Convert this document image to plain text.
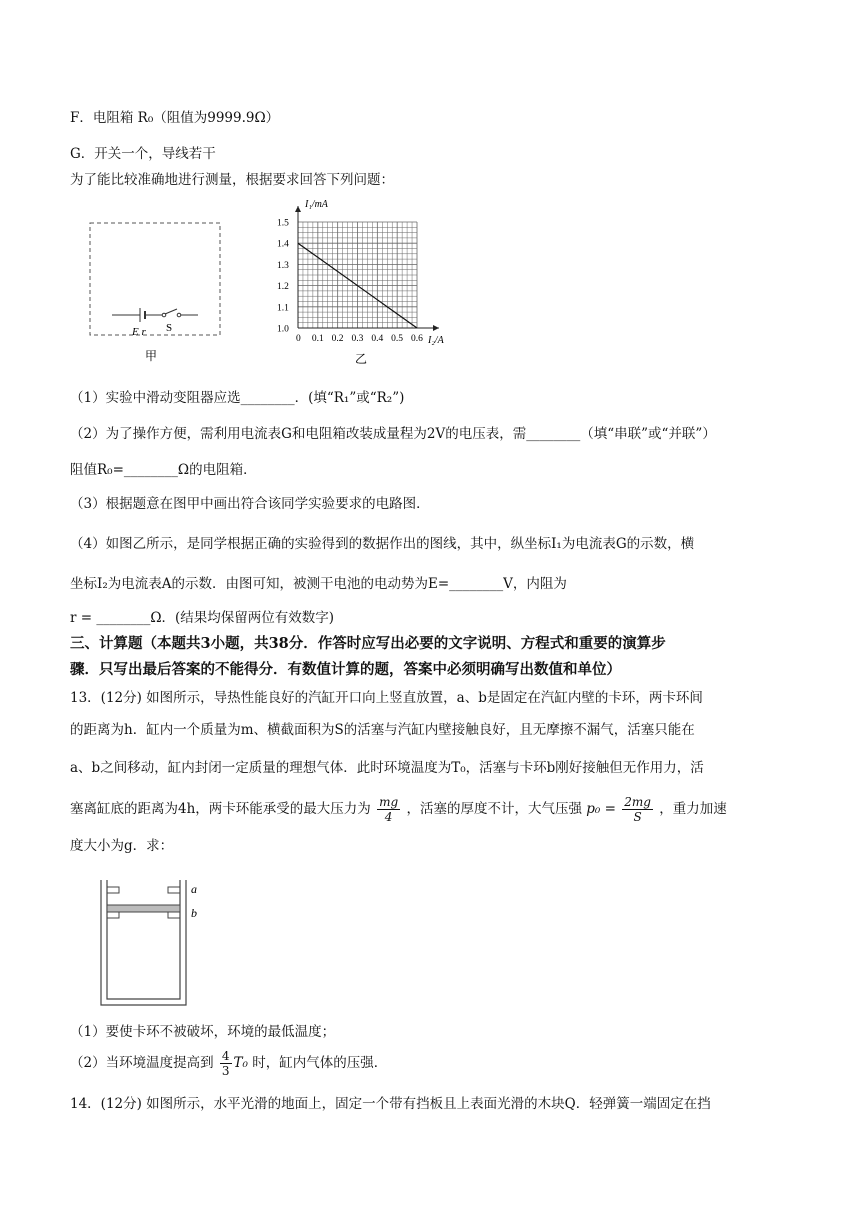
F．电阻箱 R₀（阻值为9999.9Ω）
G．开关一个，导线若干
为了能比较准确地进行测量，根据要求回答下列问题：
E r S
甲
0 0.1 0.2 0.3 0.4 0.5 0.6
1.0
1.1
1.2
1.3
1.4
1.5
I₁/mA
I₂/A
乙
（1）实验中滑动变阻器应选________．(填“R₁”或“R₂”)
（2）为了操作方便，需利用电流表G和电阻箱改装成量程为2V的电压表，需________（填“串联”或“并联”）
阻值R₀=________Ω的电阻箱．
（3）根据题意在图甲中画出符合该同学实验要求的电路图．
（4）如图乙所示，是同学根据正确的实验得到的数据作出的图线，其中，纵坐标I₁为电流表G的示数，横
坐标I₂为电流表A的示数．由图可知，被测干电池的电动势为E=________V，内阻为
r = ________Ω．(结果均保留两位有效数字)
三、计算题（本题共3小题，共38分．作答时应写出必要的文字说明、方程式和重要的演算步
骤．只写出最后答案的不能得分．有数值计算的题，答案中必须明确写出数值和单位）
13．(12分) 如图所示，导热性能良好的汽缸开口向上竖直放置，a、b是固定在汽缸内壁的卡环，两卡环间
的距离为h．缸内一个质量为m、横截面积为S的活塞与汽缸内壁接触良好，且无摩擦不漏气，活塞只能在
a、b之间移动，缸内封闭一定质量的理想气体．此时环境温度为T₀，活塞与卡环b刚好接触但无作用力，活
塞离缸底的距离为4h，两卡环能承受的最大压力为 $\frac{mg}{4}$ ，活塞的厚度不计，大气压强 $p_0 = \frac{2mg}{S}$ ，重力加速
度大小为g．求：
a
b
（1）要使卡环不被破坏，环境的最低温度；
（2）当环境温度提高到 $\frac{4}{3} T_0$ 时，缸内气体的压强．
14．(12分) 如图所示，水平光滑的地面上，固定一个带有挡板且上表面光滑的木块Q．轻弹簧一端固定在挡
